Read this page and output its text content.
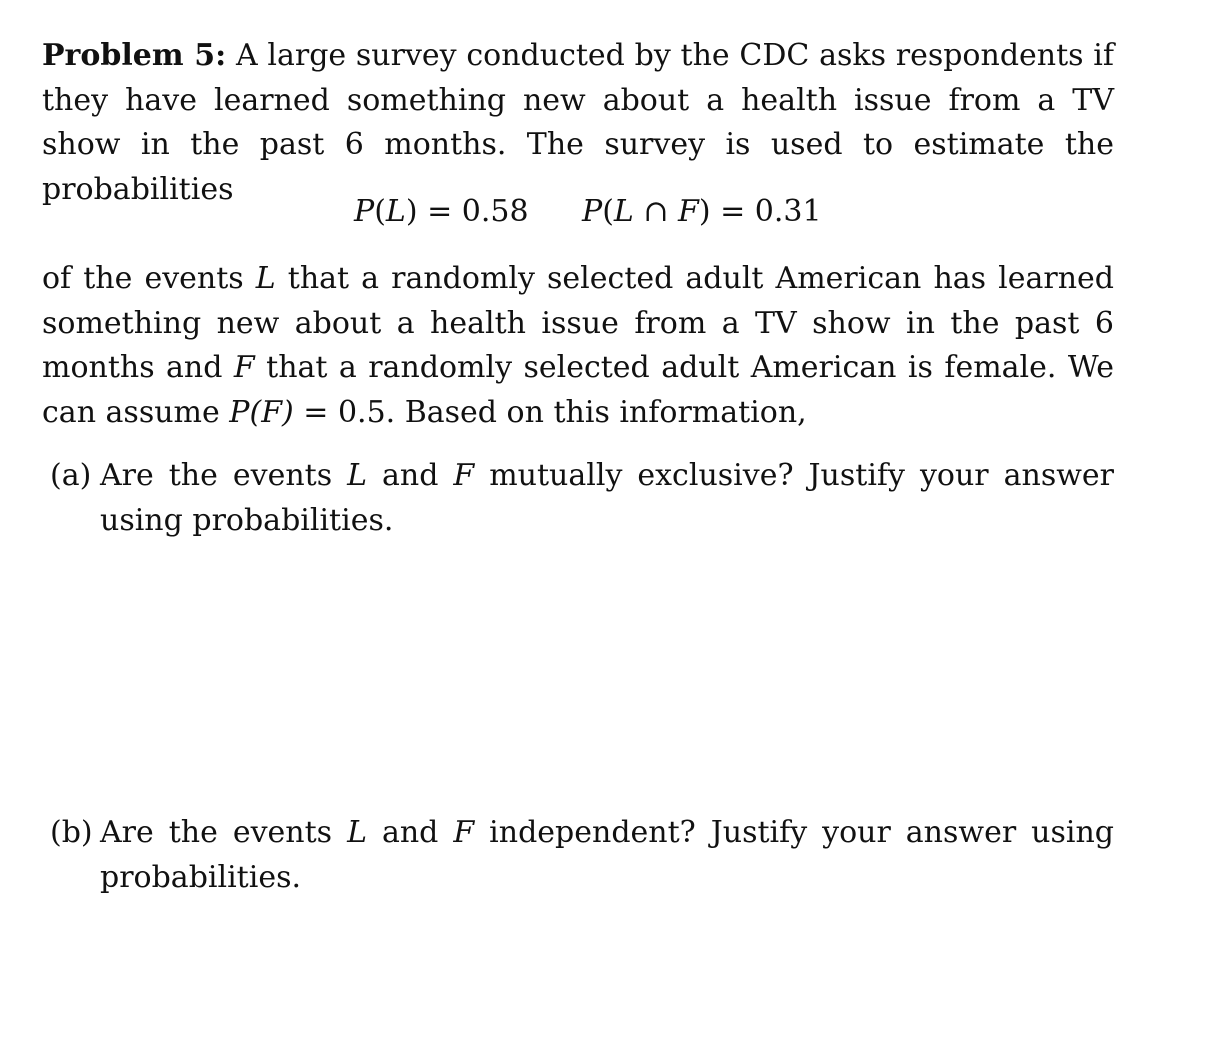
Problem 5: A large survey conducted by the CDC asks respondents if they have learned something new about a health issue from a TV show in the past 6 months. The survey is used to estimate the probabilities

P(L) = 0.58 P(L ∩ F) = 0.31

of the events L that a randomly selected adult American has learned something new about a health issue from a TV show in the past 6 months and F that a randomly selected adult American is female. We can assume P(F) = 0.5. Based on this information,

(a) Are the events L and F mutually exclusive? Justify your answer using probabilities.
(b) Are the events L and F independent? Justify your answer using probabilities.
